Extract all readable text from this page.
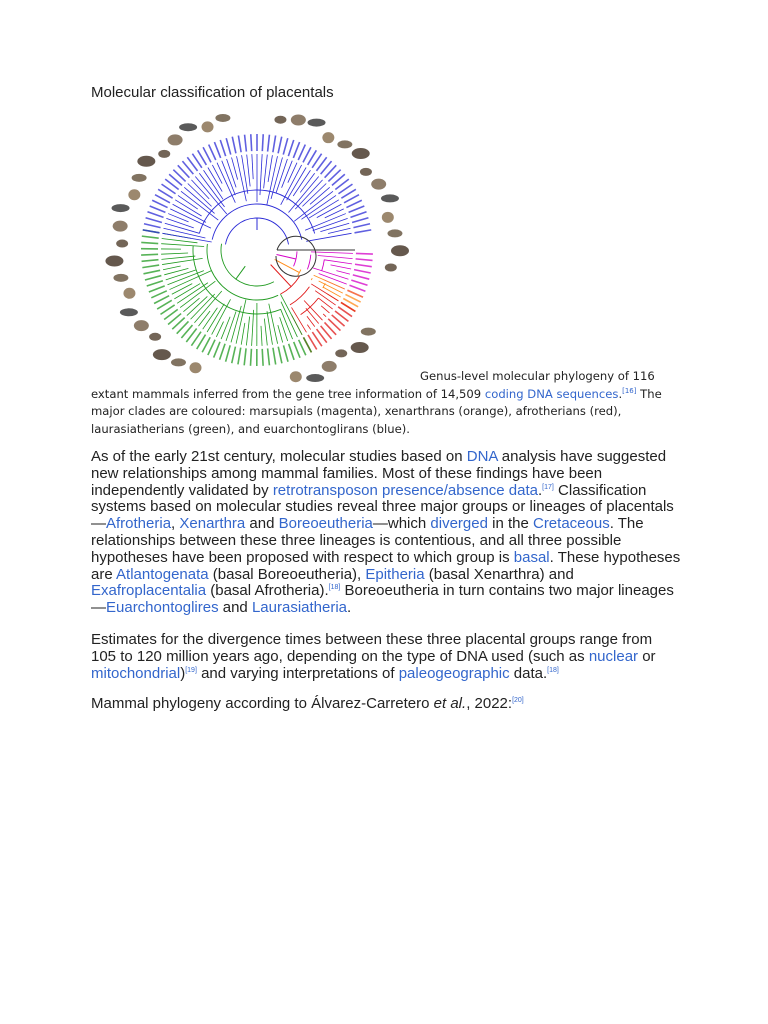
Molecular classification of placentals
Genus-level molecular phylogeny of 116 extant mammals inferred from the gene tree information of 14,509 coding DNA sequences.[16] The major clades are coloured: marsupials (magenta), xenarthrans (orange), afrotherians (red), laurasiatherians (green), and euarchontoglirans (blue).
As of the early 21st century, molecular studies based on DNA analysis have suggested new relationships among mammal families. Most of these findings have been independently validated by retrotransposon presence/absence data.[17] Classification systems based on molecular studies reveal three major groups or lineages of placentals—Afrotheria, Xenarthra and Boreoeutheria—which diverged in the Cretaceous. The relationships between these three lineages is contentious, and all three possible hypotheses have been proposed with respect to which group is basal. These hypotheses are Atlantogenata (basal Boreoeutheria), Epitheria (basal Xenarthra) and Exafroplacentalia (basal Afrotheria).[18] Boreoeutheria in turn contains two major lineages—Euarchontoglires and Laurasiatheria.
Estimates for the divergence times between these three placental groups range from 105 to 120 million years ago, depending on the type of DNA used (such as nuclear or mitochondrial)[19] and varying interpretations of paleogeographic data.[18]
Mammal phylogeny according to Álvarez-Carretero et al., 2022:[20]
